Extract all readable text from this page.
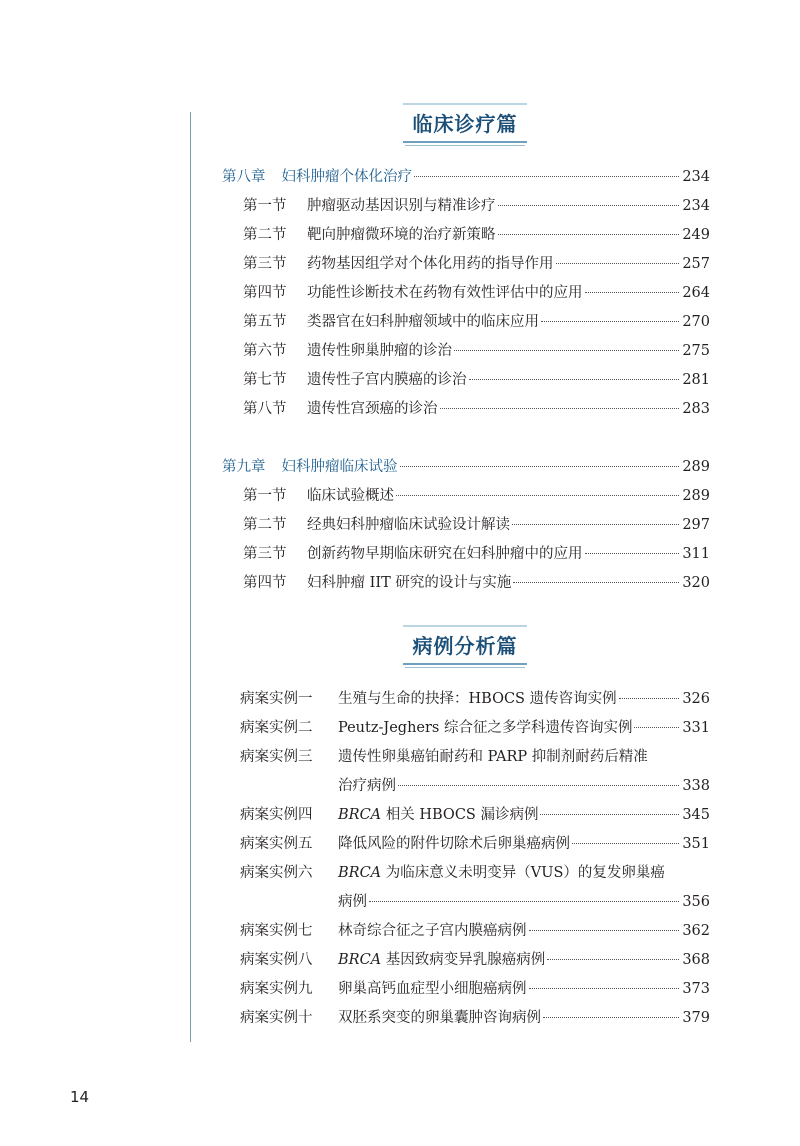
临床诊疗篇
第八章 妇科肿瘤个体化治疗	234
第一节	肿瘤驱动基因识别与精准诊疗	234
第二节	靶向肿瘤微环境的治疗新策略	249
第三节	药物基因组学对个体化用药的指导作用	257
第四节	功能性诊断技术在药物有效性评估中的应用	264
第五节	类器官在妇科肿瘤领域中的临床应用	270
第六节	遗传性卵巢肿瘤的诊治	275
第七节	遗传性子宫内膜癌的诊治	281
第八节	遗传性宫颈癌的诊治	283
第九章 妇科肿瘤临床试验	289
第一节	临床试验概述	289
第二节	经典妇科肿瘤临床试验设计解读	297
第三节	创新药物早期临床研究在妇科肿瘤中的应用	311
第四节	妇科肿瘤 IIT 研究的设计与实施	320
病例分析篇
病案实例一	生殖与生命的抉择：HBOCS 遗传咨询实例	326
病案实例二	Peutz-Jeghers 综合征之多学科遗传咨询实例	331
病案实例三	遗传性卵巢癌铂耐药和 PARP 抑制剂耐药后精准
治疗病例	338
病案实例四	BRCA 相关 HBOCS 漏诊病例	345
病案实例五	降低风险的附件切除术后卵巢癌病例	351
病案实例六	BRCA 为临床意义未明变异（VUS）的复发卵巢癌
病例	356
病案实例七	林奇综合征之子宫内膜癌病例	362
病案实例八	BRCA 基因致病变异乳腺癌病例	368
病案实例九	卵巢高钙血症型小细胞癌病例	373
病案实例十	双胚系突变的卵巢囊肿咨询病例	379
14
